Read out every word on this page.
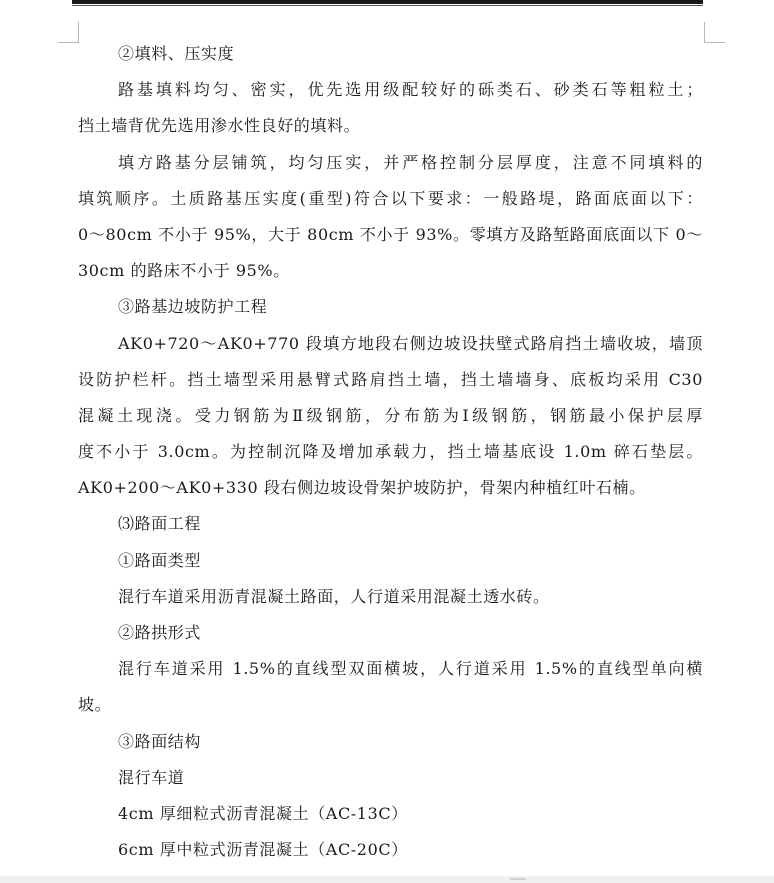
②填料、压实度
路基填料均匀、密实，优先选用级配较好的砾类石、砂类石等粗粒土；
挡土墙背优先选用渗水性良好的填料。
填方路基分层铺筑，均匀压实，并严格控制分层厚度，注意不同填料的
填筑顺序。土质路基压实度(重型)符合以下要求：一般路堤，路面底面以下：
0～80cm 不小于 95%，大于 80cm 不小于 93%。零填方及路堑路面底面以下 0～
30cm 的路床不小于 95%。
③路基边坡防护工程
AK0+720～AK0+770 段填方地段右侧边坡设扶壁式路肩挡土墙收坡，墙顶
设防护栏杆。挡土墙型采用悬臂式路肩挡土墙，挡土墙墙身、底板均采用 C30
混凝土现浇。受力钢筋为Ⅱ级钢筋，分布筋为Ⅰ级钢筋，钢筋最小保护层厚
度不小于 3.0cm。为控制沉降及增加承载力，挡土墙基底设 1.0m 碎石垫层。
AK0+200～AK0+330 段右侧边坡设骨架护坡防护，骨架内种植红叶石楠。
⑶路面工程
①路面类型
混行车道采用沥青混凝土路面，人行道采用混凝土透水砖。
②路拱形式
混行车道采用 1.5%的直线型双面横坡，人行道采用 1.5%的直线型单向横
坡。
③路面结构
混行车道
4cm 厚细粒式沥青混凝土（AC-13C）
6cm 厚中粒式沥青混凝土（AC-20C）
